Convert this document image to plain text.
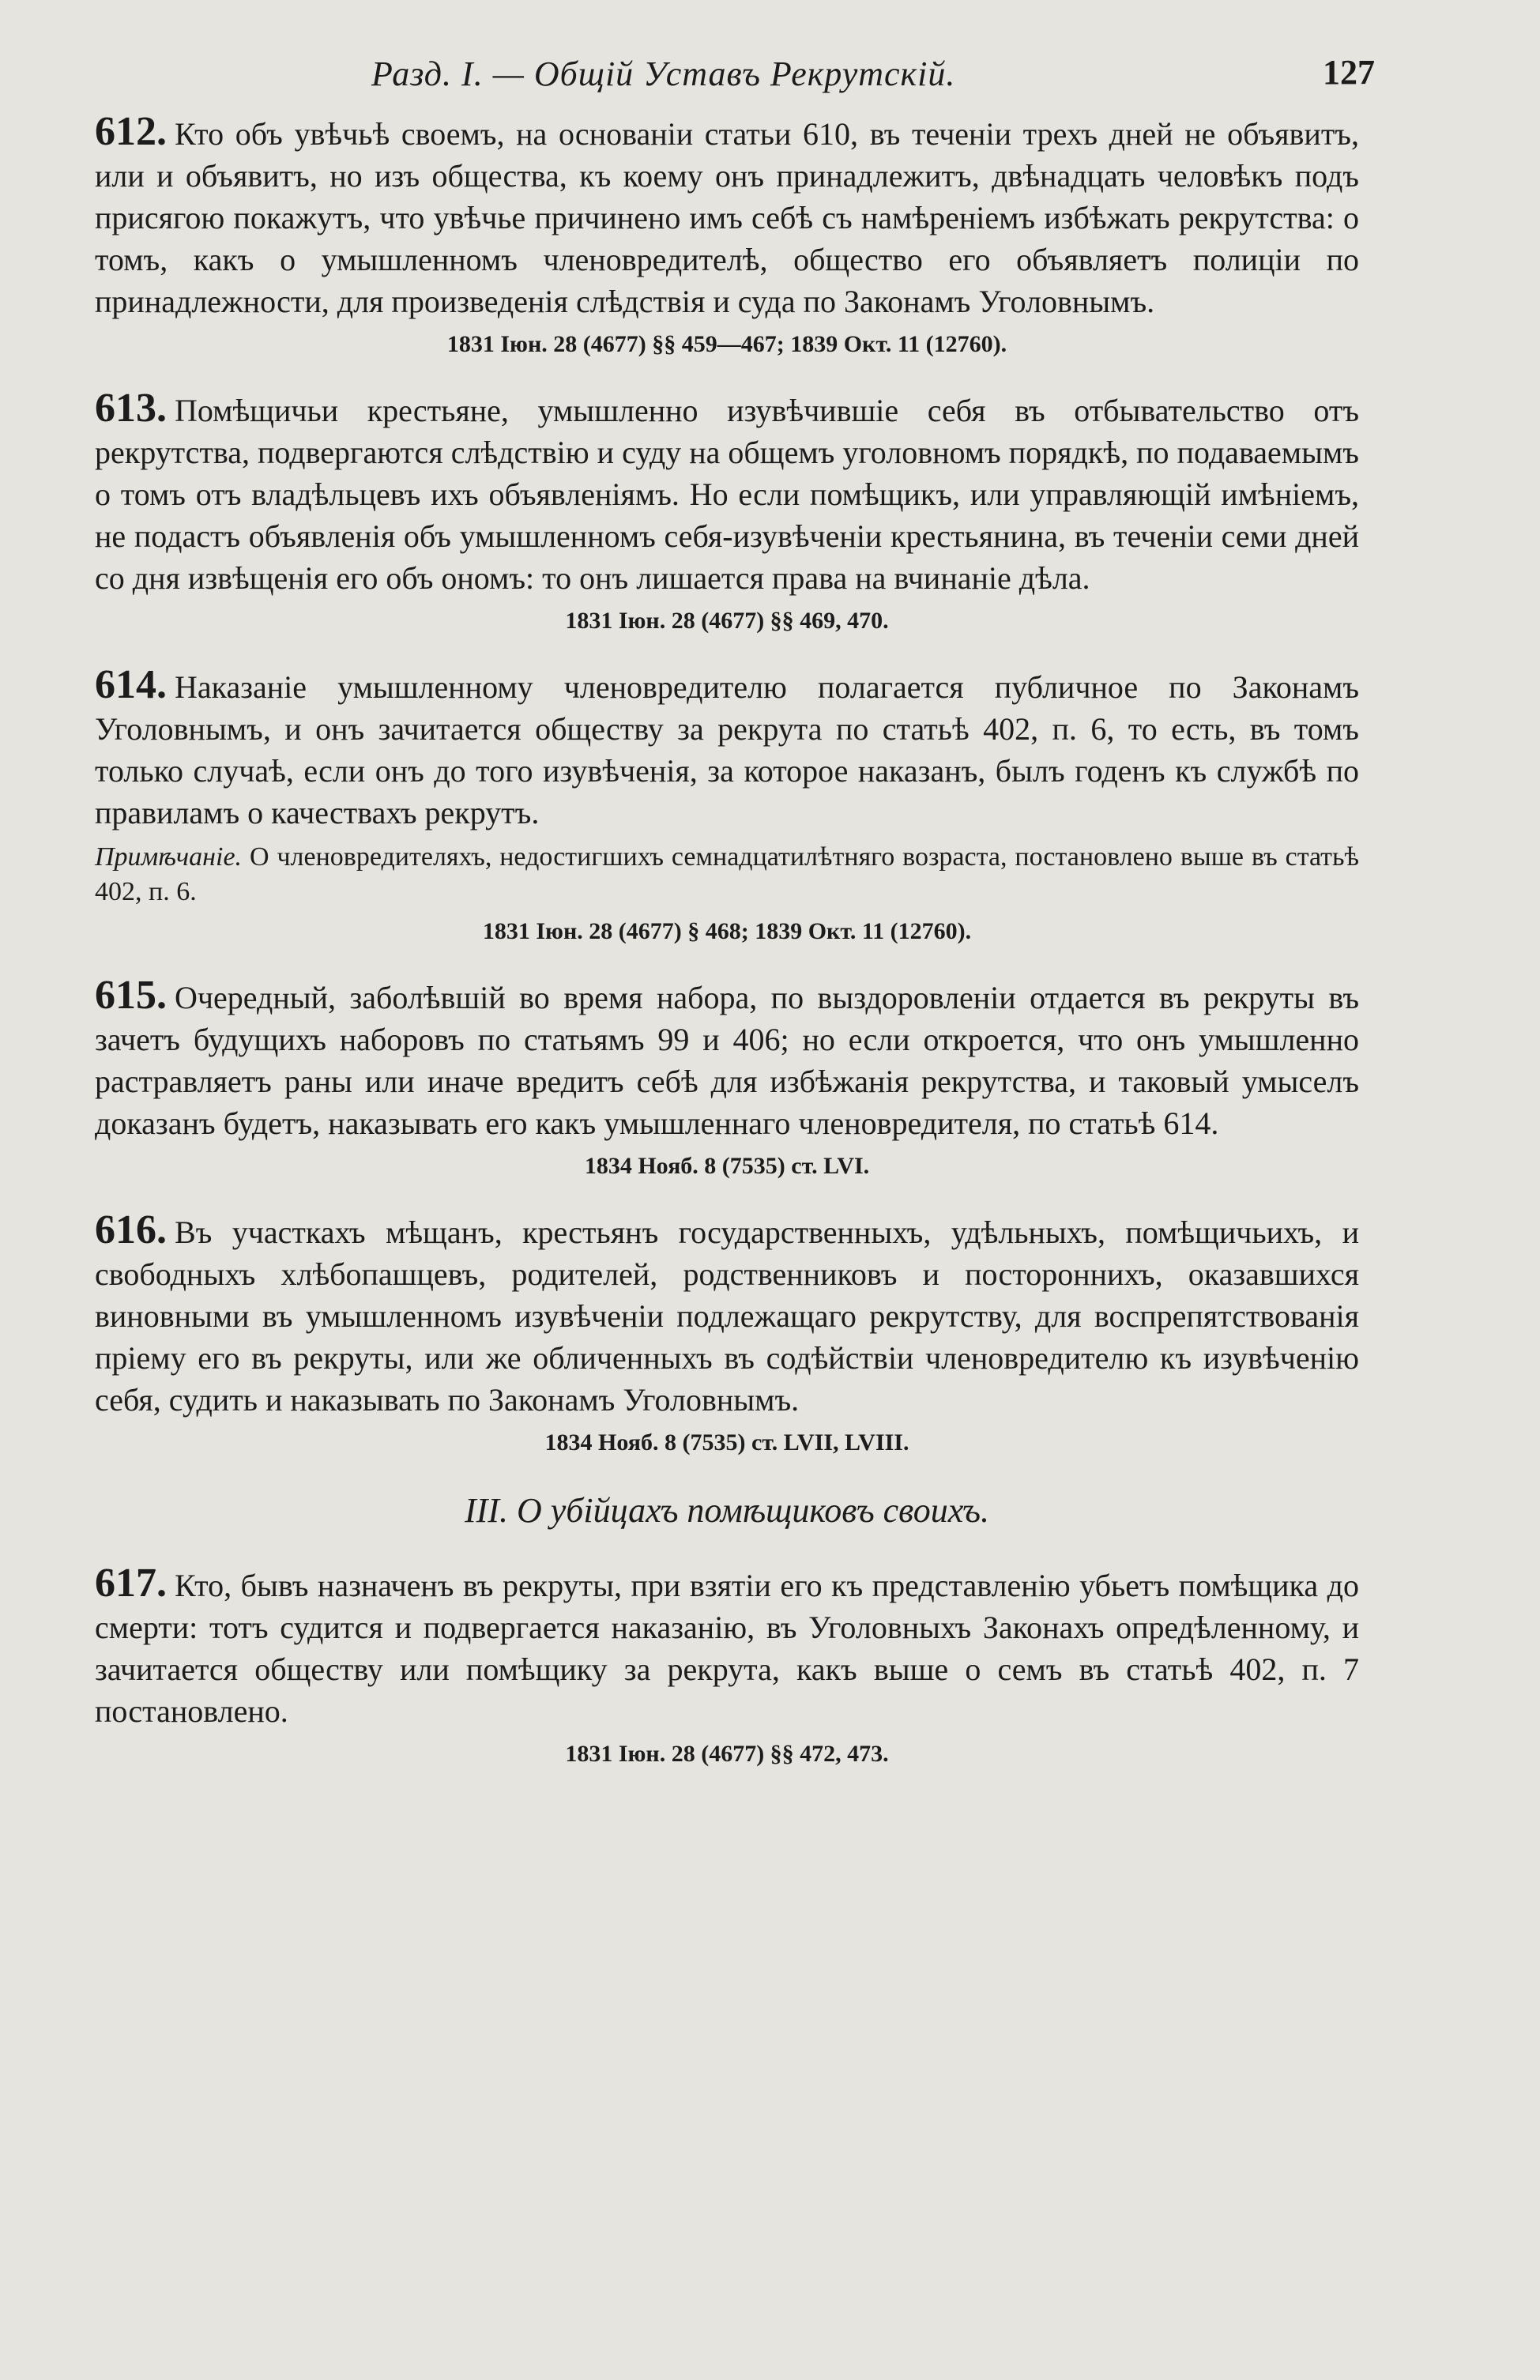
Разд. I. — Общiй Уставъ Рекрутскiй.	127

612. Кто объ увѣчьѣ своемъ, на основанiи статьи 610, въ теченiи трехъ дней не объявитъ, или и объявитъ, но изъ общества, къ коему онъ принадлежитъ, двѣнадцать человѣкъ подъ присягою покажутъ, что увѣчье причинено имъ себѣ съ намѣренiемъ избѣжать рекрутства: о томъ, какъ о умышленномъ членовредителѣ, общество его объявляетъ полицiи по принадлежности, для произведенiя слѣдствiя и суда по Законамъ Уголовнымъ.

1831 Iюн. 28 (4677) §§ 459—467; 1839 Окт. 11 (12760).

613. Помѣщичьи крестьяне, умышленно изувѣчившiе себя въ отбывательство отъ рекрутства, подвергаются слѣдствiю и суду на общемъ уголовномъ порядкѣ, по подаваемымъ о томъ отъ владѣльцевъ ихъ объявленiямъ. Но если помѣщикъ, или управляющiй имѣнiемъ, не подастъ объявленiя объ умышленномъ себя-изувѣченiи крестьянина, въ теченiи семи дней со дня извѣщенiя его объ ономъ: то онъ лишается права на вчинанiе дѣла.

1831 Iюн. 28 (4677) §§ 469, 470.

614. Наказанiе умышленному членовредителю полагается публичное по Законамъ Уголовнымъ, и онъ зачитается обществу за рекрута по статьѣ 402, п. 6, то есть, въ томъ только случаѣ, если онъ до того изувѣченiя, за которое наказанъ, былъ годенъ къ службѣ по правиламъ о качествахъ рекрутъ.

Примѣчанiе. О членовредителяхъ, недостигшихъ семнадцатилѣтняго возраста, постановлено выше въ статьѣ 402, п. 6.

1831 Iюн. 28 (4677) § 468; 1839 Окт. 11 (12760).

615. Очередный, заболѣвшiй во время набора, по выздоровленiи отдается въ рекруты въ зачетъ будущихъ наборовъ по статьямъ 99 и 406; но если откроется, что онъ умышленно растравляетъ раны или иначе вредитъ себѣ для избѣжанiя рекрутства, и таковый умыселъ доказанъ будетъ, наказывать его какъ умышленнаго членовредителя, по статьѣ 614.

1834 Нояб. 8 (7535) ст. LVI.

616. Въ участкахъ мѣщанъ, крестьянъ государственныхъ, удѣльныхъ, помѣщичьихъ, и свободныхъ хлѣбопашцевъ, родителей, родственниковъ и постороннихъ, оказавшихся виновными въ умышленномъ изувѣченiи подлежащаго рекрутству, для воспрепятствованiя прiему его въ рекруты, или же обличенныхъ въ содѣйствiи членовредителю къ изувѣченiю себя, судить и наказывать по Законамъ Уголовнымъ.

1834 Нояб. 8 (7535) ст. LVII, LVIII.

III. О убiйцахъ помѣщиковъ своихъ.

617. Кто, бывъ назначенъ въ рекруты, при взятiи его къ представленiю убьетъ помѣщика до смерти: тотъ судится и подвергается наказанiю, въ Уголовныхъ Законахъ опредѣленному, и зачитается обществу или помѣщику за рекрута, какъ выше о семъ въ статьѣ 402, п. 7 постановлено.

1831 Iюн. 28 (4677) §§ 472, 473.
